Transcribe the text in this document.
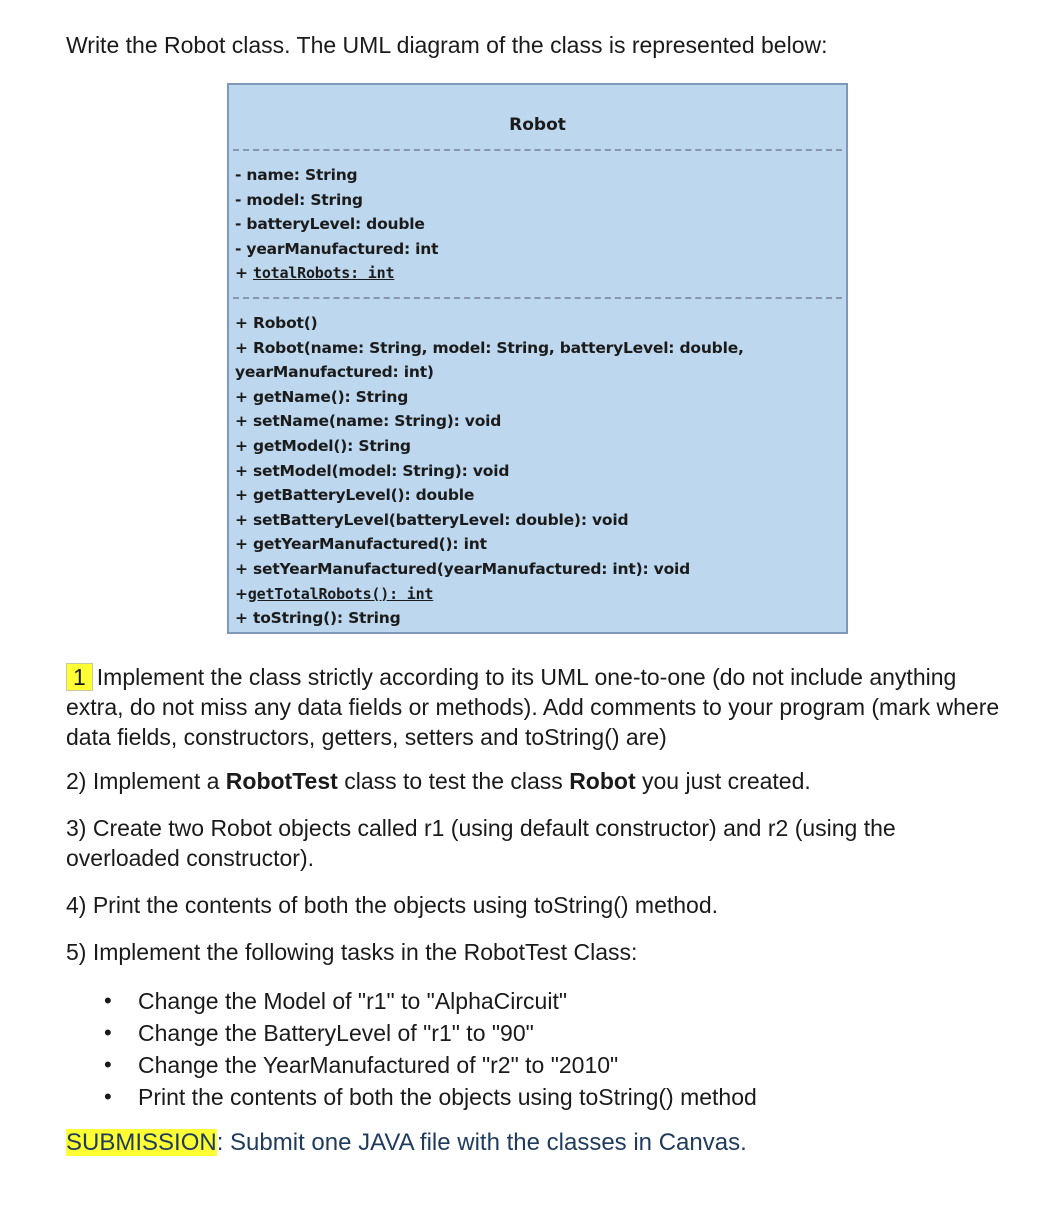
Write the Robot class. The UML diagram of the class is represented below:

Robot
- name: String
- model: String
- batteryLevel: double
- yearManufactured: int
+ totalRobots: int
+ Robot()
+ Robot(name: String, model: String, batteryLevel: double,
yearManufactured: int)
+ getName(): String
+ setName(name: String): void
+ getModel(): String
+ setModel(model: String): void
+ getBatteryLevel(): double
+ setBatteryLevel(batteryLevel: double): void
+ getYearManufactured(): int
+ setYearManufactured(yearManufactured: int): void
+getTotalRobots(): int
+ toString(): String

1 Implement the class strictly according to its UML one-to-one (do not include anything extra, do not miss any data fields or methods). Add comments to your program (mark where data fields, constructors, getters, setters and toString() are)

2) Implement a RobotTest class to test the class Robot you just created.

3) Create two Robot objects called r1 (using default constructor) and r2 (using the overloaded constructor).

4) Print the contents of both the objects using toString() method.

5) Implement the following tasks in the RobotTest Class:

• Change the Model of "r1" to "AlphaCircuit"
• Change the BatteryLevel of "r1" to "90"
• Change the YearManufactured of "r2" to "2010"
• Print the contents of both the objects using toString() method

SUBMISSION: Submit one JAVA file with the classes in Canvas.
